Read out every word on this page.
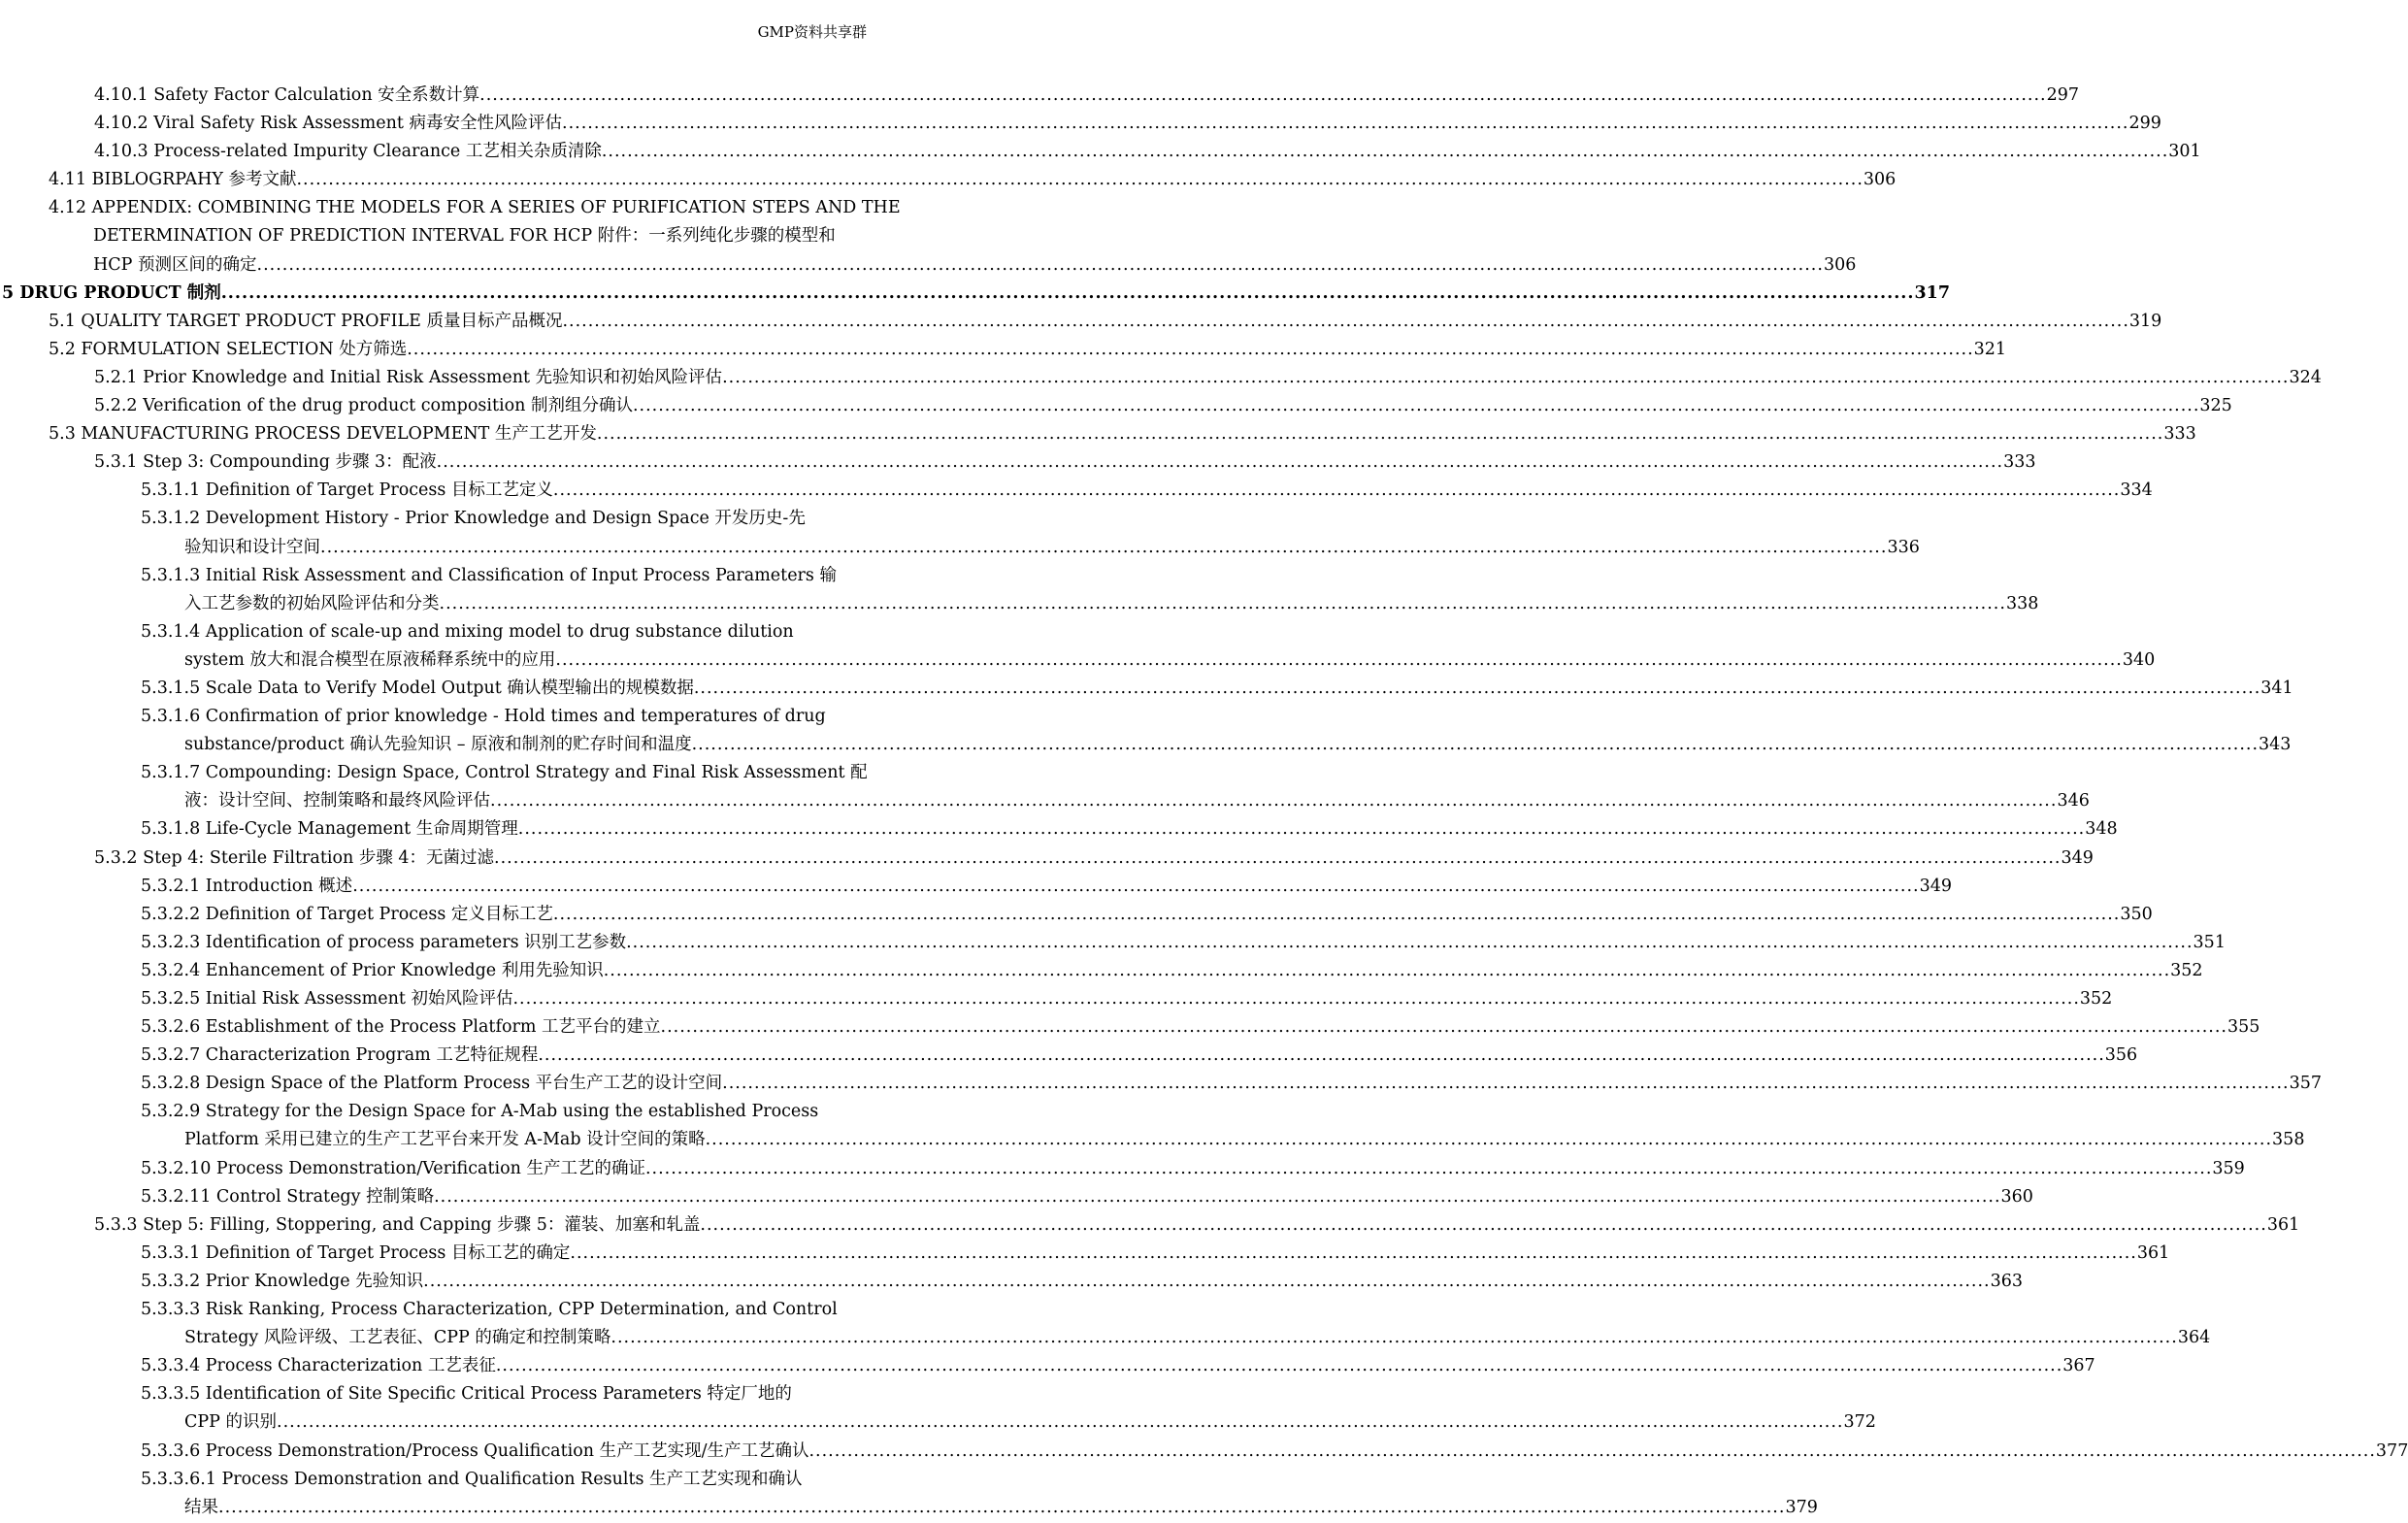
GMP资料共享群
4.10.1 Safety Factor Calculation 安全系数计算 .....	297
4.10.2 Viral Safety Risk Assessment 病毒安全性风险评估 .....	299
4.10.3 Process-related Impurity Clearance 工艺相关杂质清除 .....	301
4.11 BIBLOGRPAHY 参考文献 .....	306
4.12 APPENDIX: COMBINING THE MODELS FOR A SERIES OF PURIFICATION STEPS AND THE
DETERMINATION OF PREDICTION INTERVAL FOR HCP 附件：一系列纯化步骤的模型和
HCP 预测区间的确定 .....	306
5 DRUG PRODUCT 制剂 .....	317
5.1 QUALITY TARGET PRODUCT PROFILE 质量目标产品概况 .....	319
5.2 FORMULATION SELECTION 处方筛选 .....	321
5.2.1 Prior Knowledge and Initial Risk Assessment 先验知识和初始风险评估 .....	324
5.2.2 Verification of the drug product composition 制剂组分确认 .....	325
5.3 MANUFACTURING PROCESS DEVELOPMENT 生产工艺开发 .....	333
5.3.1 Step 3: Compounding 步骤 3：配液 .....	333
5.3.1.1 Definition of Target Process 目标工艺定义 .....	334
5.3.1.2 Development History - Prior Knowledge and Design Space 开发历史-先
验知识和设计空间 .....	336
5.3.1.3 Initial Risk Assessment and Classification of Input Process Parameters 输
入工艺参数的初始风险评估和分类 .....	338
5.3.1.4 Application of scale-up and mixing model to drug substance dilution
system 放大和混合模型在原液稀释系统中的应用 .....	340
5.3.1.5 Scale Data to Verify Model Output 确认模型输出的规模数据 .....	341
5.3.1.6 Confirmation of prior knowledge - Hold times and temperatures of drug
substance/product 确认先验知识 – 原液和制剂的贮存时间和温度 .....	343
5.3.1.7 Compounding: Design Space, Control Strategy and Final Risk Assessment 配
液：设计空间、控制策略和最终风险评估 .....	346
5.3.1.8 Life-Cycle Management 生命周期管理 .....	348
5.3.2 Step 4: Sterile Filtration 步骤 4：无菌过滤 .....	349
5.3.2.1 Introduction 概述 .....	349
5.3.2.2 Definition of Target Process 定义目标工艺 .....	350
5.3.2.3 Identification of process parameters 识别工艺参数 .....	351
5.3.2.4 Enhancement of Prior Knowledge 利用先验知识 .....	352
5.3.2.5 Initial Risk Assessment 初始风险评估 .....	352
5.3.2.6 Establishment of the Process Platform 工艺平台的建立 .....	355
5.3.2.7 Characterization Program 工艺特征规程 .....	356
5.3.2.8 Design Space of the Platform Process 平台生产工艺的设计空间 .....	357
5.3.2.9 Strategy for the Design Space for A-Mab using the established Process
Platform 采用已建立的生产工艺平台来开发 A-Mab 设计空间的策略 .....	358
5.3.2.10 Process Demonstration/Verification 生产工艺的确证 .....	359
5.3.2.11 Control Strategy 控制策略 .....	360
5.3.3 Step 5: Filling, Stoppering, and Capping 步骤 5：灌装、加塞和轧盖 .....	361
5.3.3.1 Definition of Target Process 目标工艺的确定 .....	361
5.3.3.2 Prior Knowledge 先验知识 .....	363
5.3.3.3 Risk Ranking, Process Characterization, CPP Determination, and Control
Strategy 风险评级、工艺表征、CPP 的确定和控制策略 .....	364
5.3.3.4 Process Characterization 工艺表征 .....	367
5.3.3.5 Identification of Site Specific Critical Process Parameters 特定厂地的
CPP 的识别 .....	372
5.3.3.6 Process Demonstration/Process Qualification 生产工艺实现/生产工艺确认 .....	377
5.3.3.6.1 Process Demonstration and Qualification Results 生产工艺实现和确认
结果 .....	379
